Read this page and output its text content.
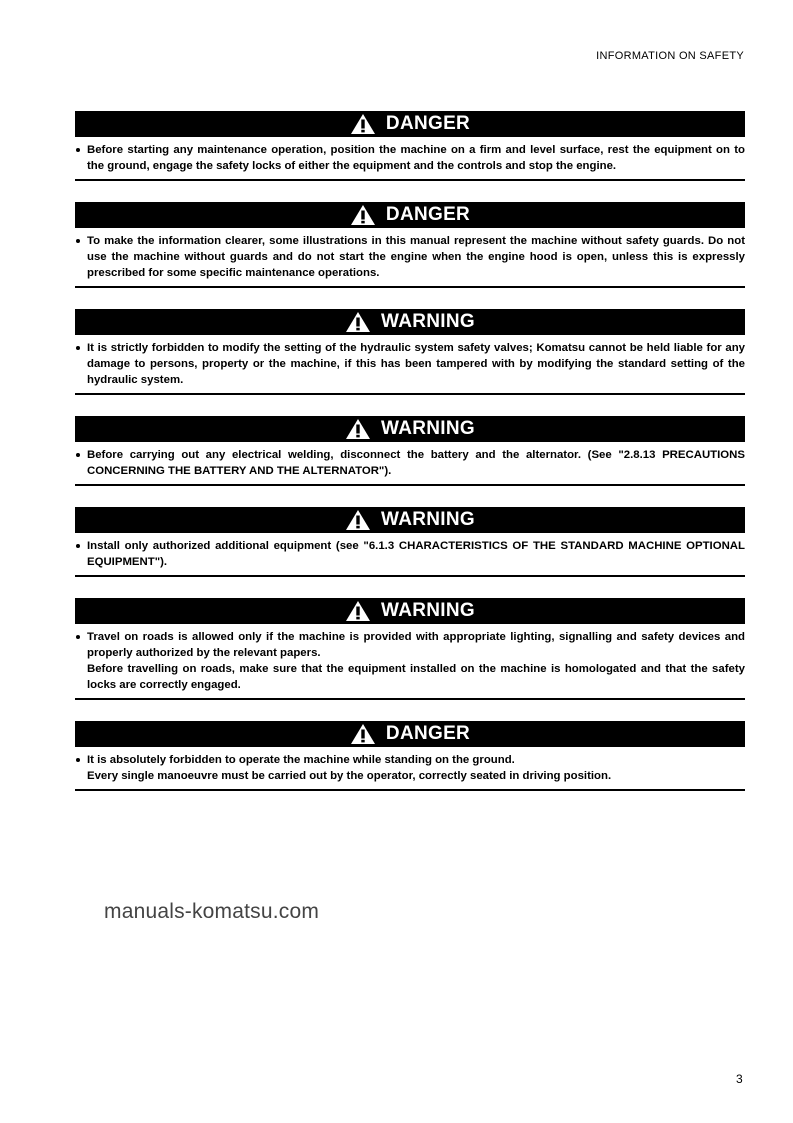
INFORMATION ON SAFETY
DANGER

Before starting any maintenance operation, position the machine on a firm and level surface, rest the equipment on to the ground, engage the safety locks of either the equipment and the controls and stop the engine.

DANGER

To make the information clearer, some illustrations in this manual represent the machine without safety guards. Do not use the machine without guards and do not start the engine when the engine hood is open, unless this is expressly prescribed for some specific maintenance operations.

WARNING

It is strictly forbidden to modify the setting of the hydraulic system safety valves; Komatsu cannot be held liable for any damage to persons, property or the machine, if this has been tampered with by modifying the standard setting of the hydraulic system.

WARNING

Before carrying out any electrical welding, disconnect the battery and the alternator. (See "2.8.13 PRECAUTIONS CONCERNING THE BATTERY AND THE ALTERNATOR").

WARNING

Install only authorized additional equipment (see "6.1.3 CHARACTERISTICS OF THE STANDARD MACHINE OPTIONAL EQUIPMENT").

WARNING

Travel on roads is allowed only if the machine is provided with appropriate lighting, signalling and safety devices and properly authorized by the relevant papers.

Before travelling on roads, make sure that the equipment installed on the machine is homologated and that the safety locks are correctly engaged.

DANGER

It is absolutely forbidden to operate the machine while standing on the ground.

Every single manoeuvre must be carried out by the operator, correctly seated in driving position.

manuals-komatsu.com
3
